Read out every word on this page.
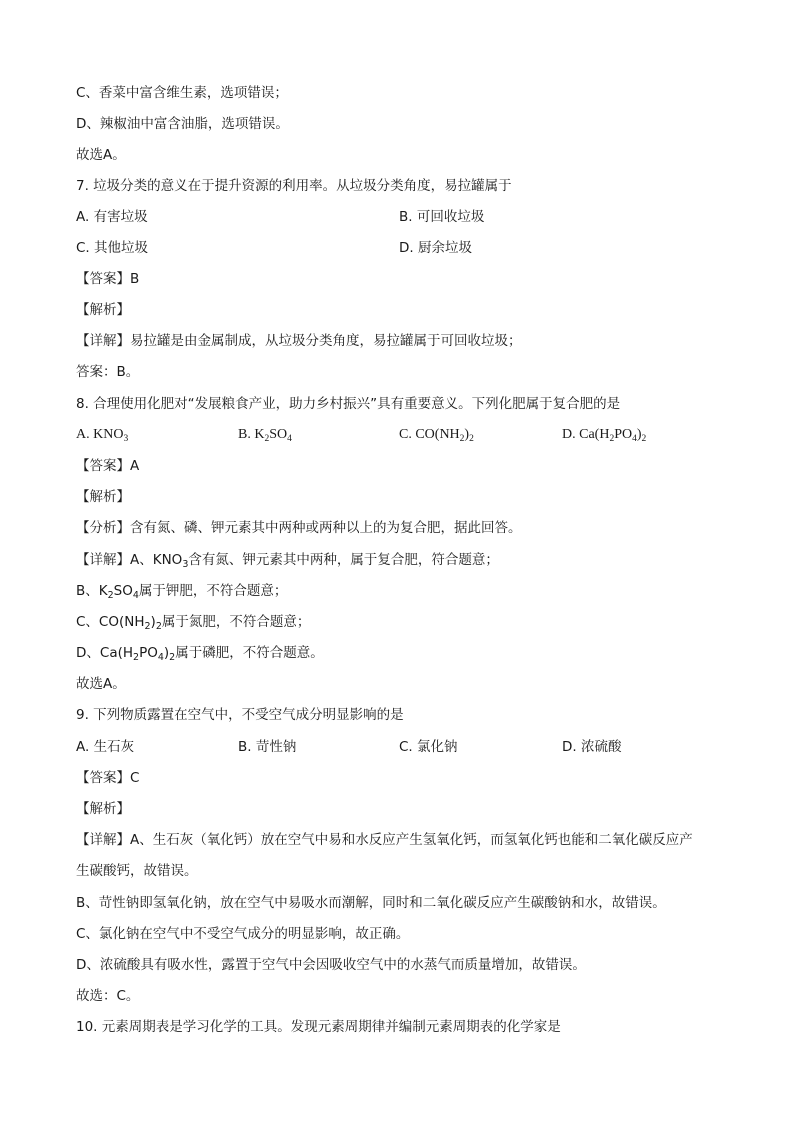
C、香菜中富含维生素，选项错误；
D、辣椒油中富含油脂，选项错误。
故选A。
7. 垃圾分类的意义在于提升资源的利用率。从垃圾分类角度，易拉罐属于
A. 有害垃圾	B. 可回收垃圾
C. 其他垃圾	D. 厨余垃圾
【答案】B
【解析】
【详解】易拉罐是由金属制成，从垃圾分类角度，易拉罐属于可回收垃圾；
答案：B。
8. 合理使用化肥对“发展粮食产业，助力乡村振兴”具有重要意义。下列化肥属于复合肥的是
A. $KNO_3$	B. $K_2SO_4$	C. $CO(NH_2)_2$	D. $Ca(H_2PO_4)_2$
【答案】A
【解析】
【分析】含有氮、磷、钾元素其中两种或两种以上的为复合肥，据此回答。
【详解】A、$KNO_3$含有氮、钾元素其中两种，属于复合肥，符合题意；
B、$K_2SO_4$属于钾肥，不符合题意；
C、$CO(NH_2)_2$属于氮肥，不符合题意；
D、$Ca(H_2PO_4)_2$属于磷肥，不符合题意。
故选A。
9. 下列物质露置在空气中，不受空气成分明显影响的是
A. 生石灰	B. 苛性钠	C. 氯化钠	D. 浓硫酸
【答案】C
【解析】
【详解】A、生石灰（氧化钙）放在空气中易和水反应产生氢氧化钙，而氢氧化钙也能和二氧化碳反应产
生碳酸钙，故错误。
B、苛性钠即氢氧化钠，放在空气中易吸水而潮解，同时和二氧化碳反应产生碳酸钠和水，故错误。
C、氯化钠在空气中不受空气成分的明显影响，故正确。
D、浓硫酸具有吸水性，露置于空气中会因吸收空气中的水蒸气而质量增加，故错误。
故选：C。
10. 元素周期表是学习化学的工具。发现元素周期律并编制元素周期表的化学家是
